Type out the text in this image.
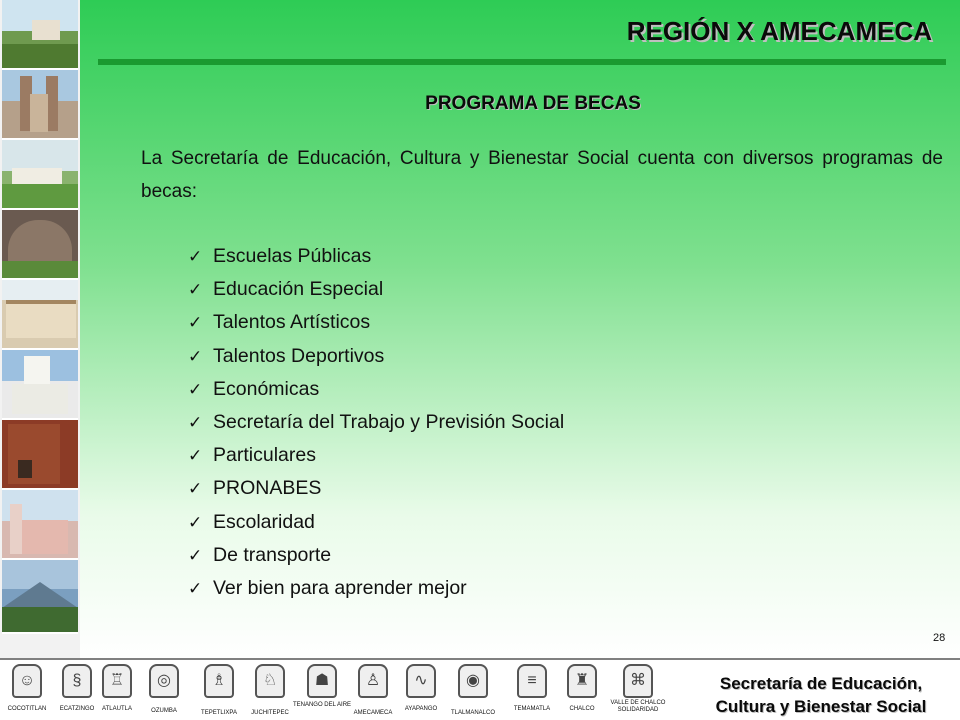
REGIÓN X AMECAMECA
PROGRAMA DE BECAS

La Secretaría de Educación, Cultura y Bienestar Social cuenta con diversos programas de becas:

✓ Escuelas Públicas
✓ Educación Especial
✓ Talentos Artísticos
✓ Talentos Deportivos
✓ Económicas
✓ Secretaría del Trabajo y Previsión Social
✓ Particulares
✓ PRONABES
✓ Escolaridad
✓ De transporte
✓ Ver bien para aprender mejor
28
☺
COCOTITLAN
§
ECATZINGO
♖
ATLAUTLA
◎
OZUMBA
♗
TEPETLIXPA
♘
JUCHITEPEC
☗
TENANGO DEL AIRE
♙
AMECAMECA
∿
AYAPANGO
◉
TLALMANALCO
≡
TEMAMATLA
♜
CHALCO
⌘
VALLE DE CHALCO SOLIDARIDAD

Secretaría de Educación,
Cultura y Bienestar Social
